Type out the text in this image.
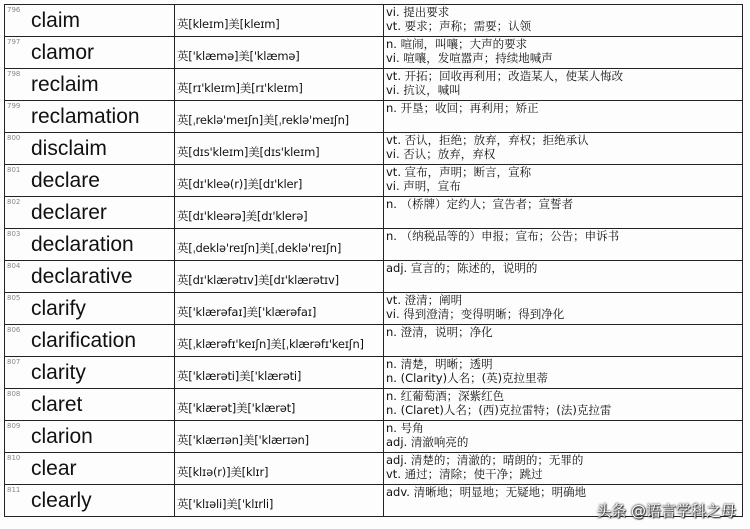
796 claim	英[kleɪm]美[kleɪm]	vi. 提出要求
vt. 要求；声称；需要；认领

797 clamor	英['klæmə]美['klæmə]	n. 喧闹，叫嚷；大声的要求
vi. 喧嚷，发喧嚣声；持续地喊声

798 reclaim	英[rɪ'kleɪm]美[rɪ'kleɪm]	vt. 开拓；回收再利用；改造某人，使某人悔改
vi. 抗议，喊叫

799 reclamation	英[ˌreklə'meɪʃn]美[ˌreklə'meɪʃn]	n. 开垦；收回；再利用；矫正

800 disclaim	英[dɪs'kleɪm]美[dɪs'kleɪm]	vt. 否认，拒绝；放弃，弃权；拒绝承认
vi. 否认；放弃，弃权

801 declare	英[dɪ'kleə(r)]美[dɪ'kler]	vt. 宣布，声明；断言，宣称
vi. 声明，宣布

802 declarer	英[dɪ'kleərə]美[dɪ'klerə]	n. （桥牌）定约人；宣告者；宣誓者

803 declaration	英[ˌdeklə'reɪʃn]美[ˌdeklə'reɪʃn]	n. （纳税品等的）申报；宣布；公告；申诉书

804 declarative	英[dɪ'klærətɪv]美[dɪ'klærətɪv]	adj. 宣言的；陈述的，说明的

805 clarify	英['klærəfaɪ]美['klærəfaɪ]	vt. 澄清；阐明
vi. 得到澄清；变得明晰；得到净化

806 clarification	英[ˌklærəfɪ'keɪʃn]美[ˌklærəfɪ'keɪʃn]	n. 澄清，说明；净化

807 clarity	英['klærəti]美['klærəti]	n. 清楚，明晰；透明
n. (Clarity)人名；(英)克拉里蒂

808 claret	英['klærət]美['klærət]	n. 红葡萄酒；深紫红色
n. (Claret)人名；(西)克拉雷特；(法)克拉雷

809 clarion	英['klærɪən]美['klærɪən]	n. 号角
adj. 清澈响亮的

810 clear	英[klɪə(r)]美[klɪr]	adj. 清楚的；清澈的；晴朗的；无罪的
vt. 通过；清除；使干净；跳过

811 clearly	英['klɪəli]美['klɪrli]	adv. 清晰地；明显地；无疑地；明确地
头条 @语言学科之母
